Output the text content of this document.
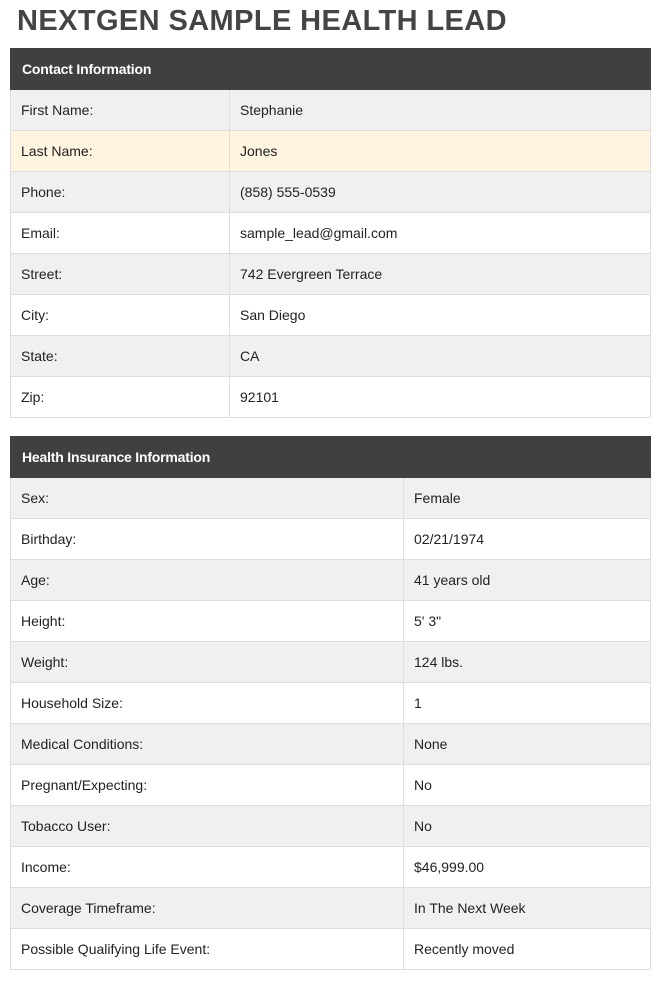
NEXTGEN SAMPLE HEALTH LEAD
Contact Information	
First Name:	Stephanie
Last Name:	Jones
Phone:	(858) 555-0539
Email:	sample_lead@gmail.com
Street:	742 Evergreen Terrace
City:	San Diego
State:	CA
Zip:	92101
Health Insurance Information	
Sex:	Female
Birthday:	02/21/1974
Age:	41 years old
Height:	5' 3"
Weight:	124 lbs.
Household Size:	1
Medical Conditions:	None
Pregnant/Expecting:	No
Tobacco User:	No
Income:	$46,999.00
Coverage Timeframe:	In The Next Week
Possible Qualifying Life Event:	Recently moved
